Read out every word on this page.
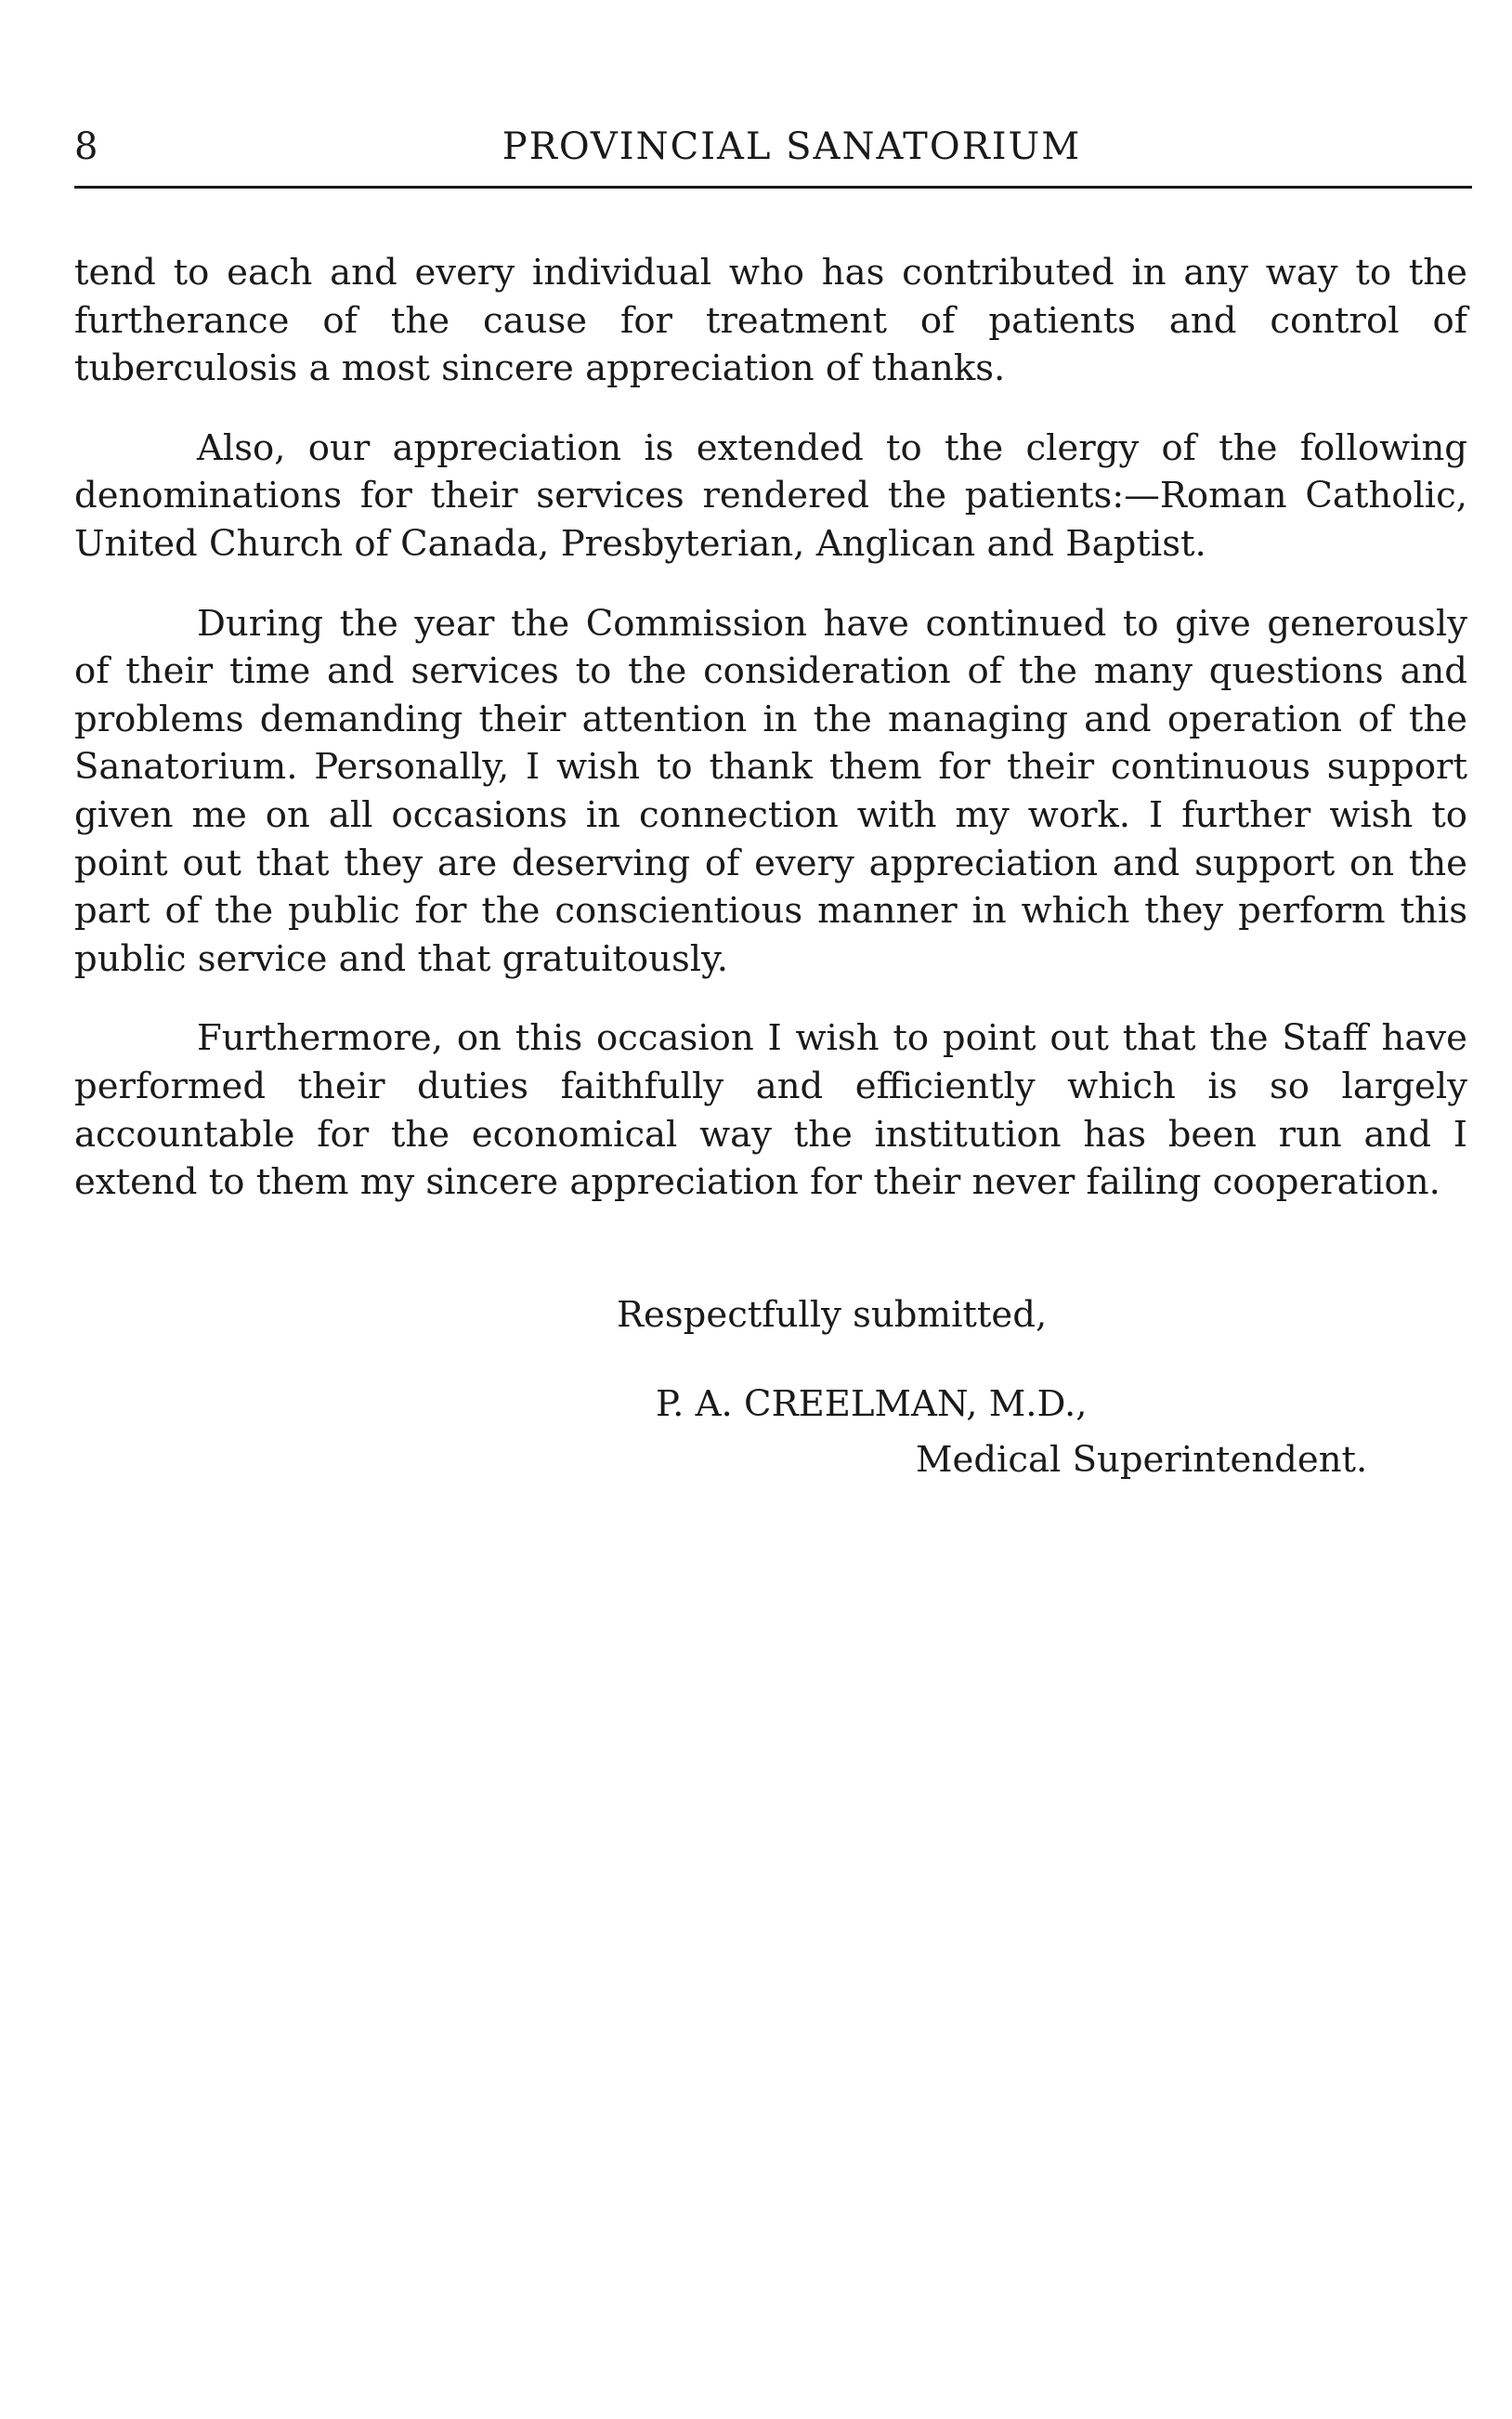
8	PROVINCIAL SANATORIUM

tend to each and every individual who has contributed in any way to the furtherance of the cause for treatment of patients and control of tuberculosis a most sincere appreciation of thanks.

Also, our appreciation is extended to the clergy of the following denominations for their services rendered the patients:—Roman Catholic, United Church of Canada, Presbyterian, Anglican and Baptist.

During the year the Commission have continued to give generously of their time and services to the consideration of the many questions and problems demanding their attention in the managing and operation of the Sanatorium. Personally, I wish to thank them for their continuous support given me on all occasions in connection with my work. I further wish to point out that they are deserving of every appreciation and support on the part of the public for the conscientious manner in which they perform this public service and that gratuitously.

Furthermore, on this occasion I wish to point out that the Staff have performed their duties faithfully and efficiently which is so largely accountable for the economical way the institution has been run and I extend to them my sincere appreciation for their never failing cooperation.

Respectfully submitted,
P. A. CREELMAN, M.D.,
Medical Superintendent.
